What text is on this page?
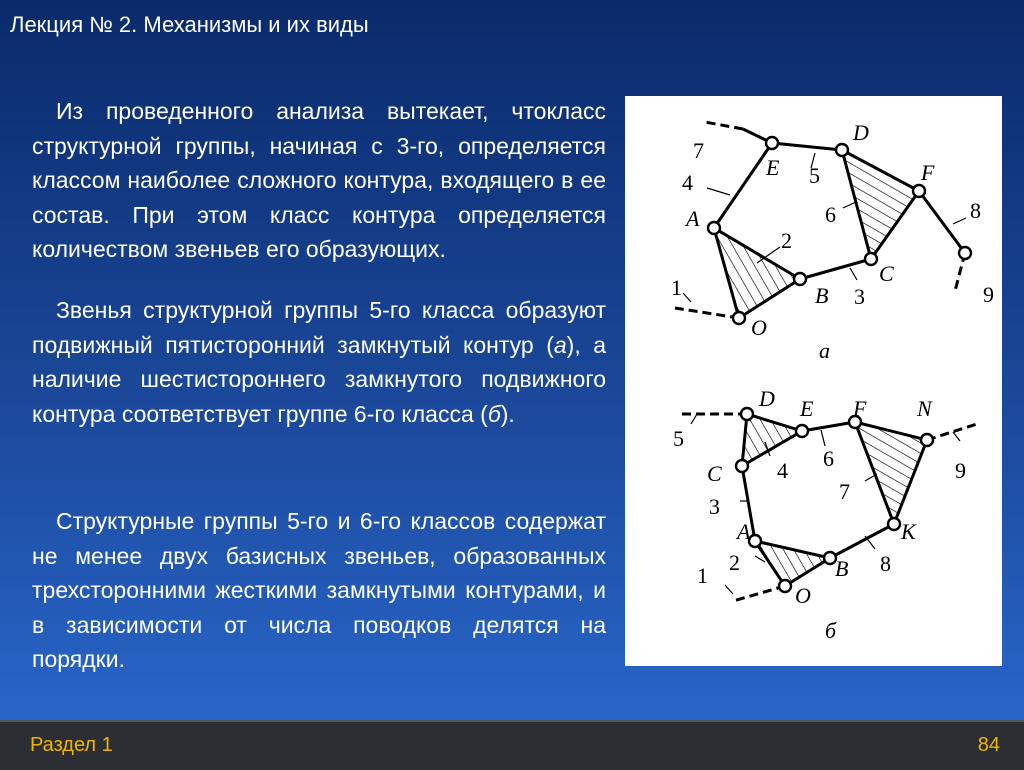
Лекция № 2. Механизмы и их виды
Из проведенного анализа вытекает, чтокласс структурной группы, начиная с 3-го, определяется классом наиболее сложного контура, входящего в ее состав. При этом класс контура определяется количеством звеньев его образующих.
Звенья структурной группы 5-го класса образуют подвижный пятисторонний замкнутый контур (а), а наличие шестистороннего замкнутого подвижного контура соответствует группе 6-го класса (б).
Структурные группы 5-го и 6-го классов содержат не менее двух базисных звеньев, образованных трехсторонними жесткими замкнутыми контурами, и в зависимости от числа поводков делятся на порядки.
E
D
F
A
B
C
O
7
4	5
6
2
8
3
1	9
а
D E F N
C
A
B
O
K
5
4 6
7
3
9
2	8
1
б
Раздел 1	84
